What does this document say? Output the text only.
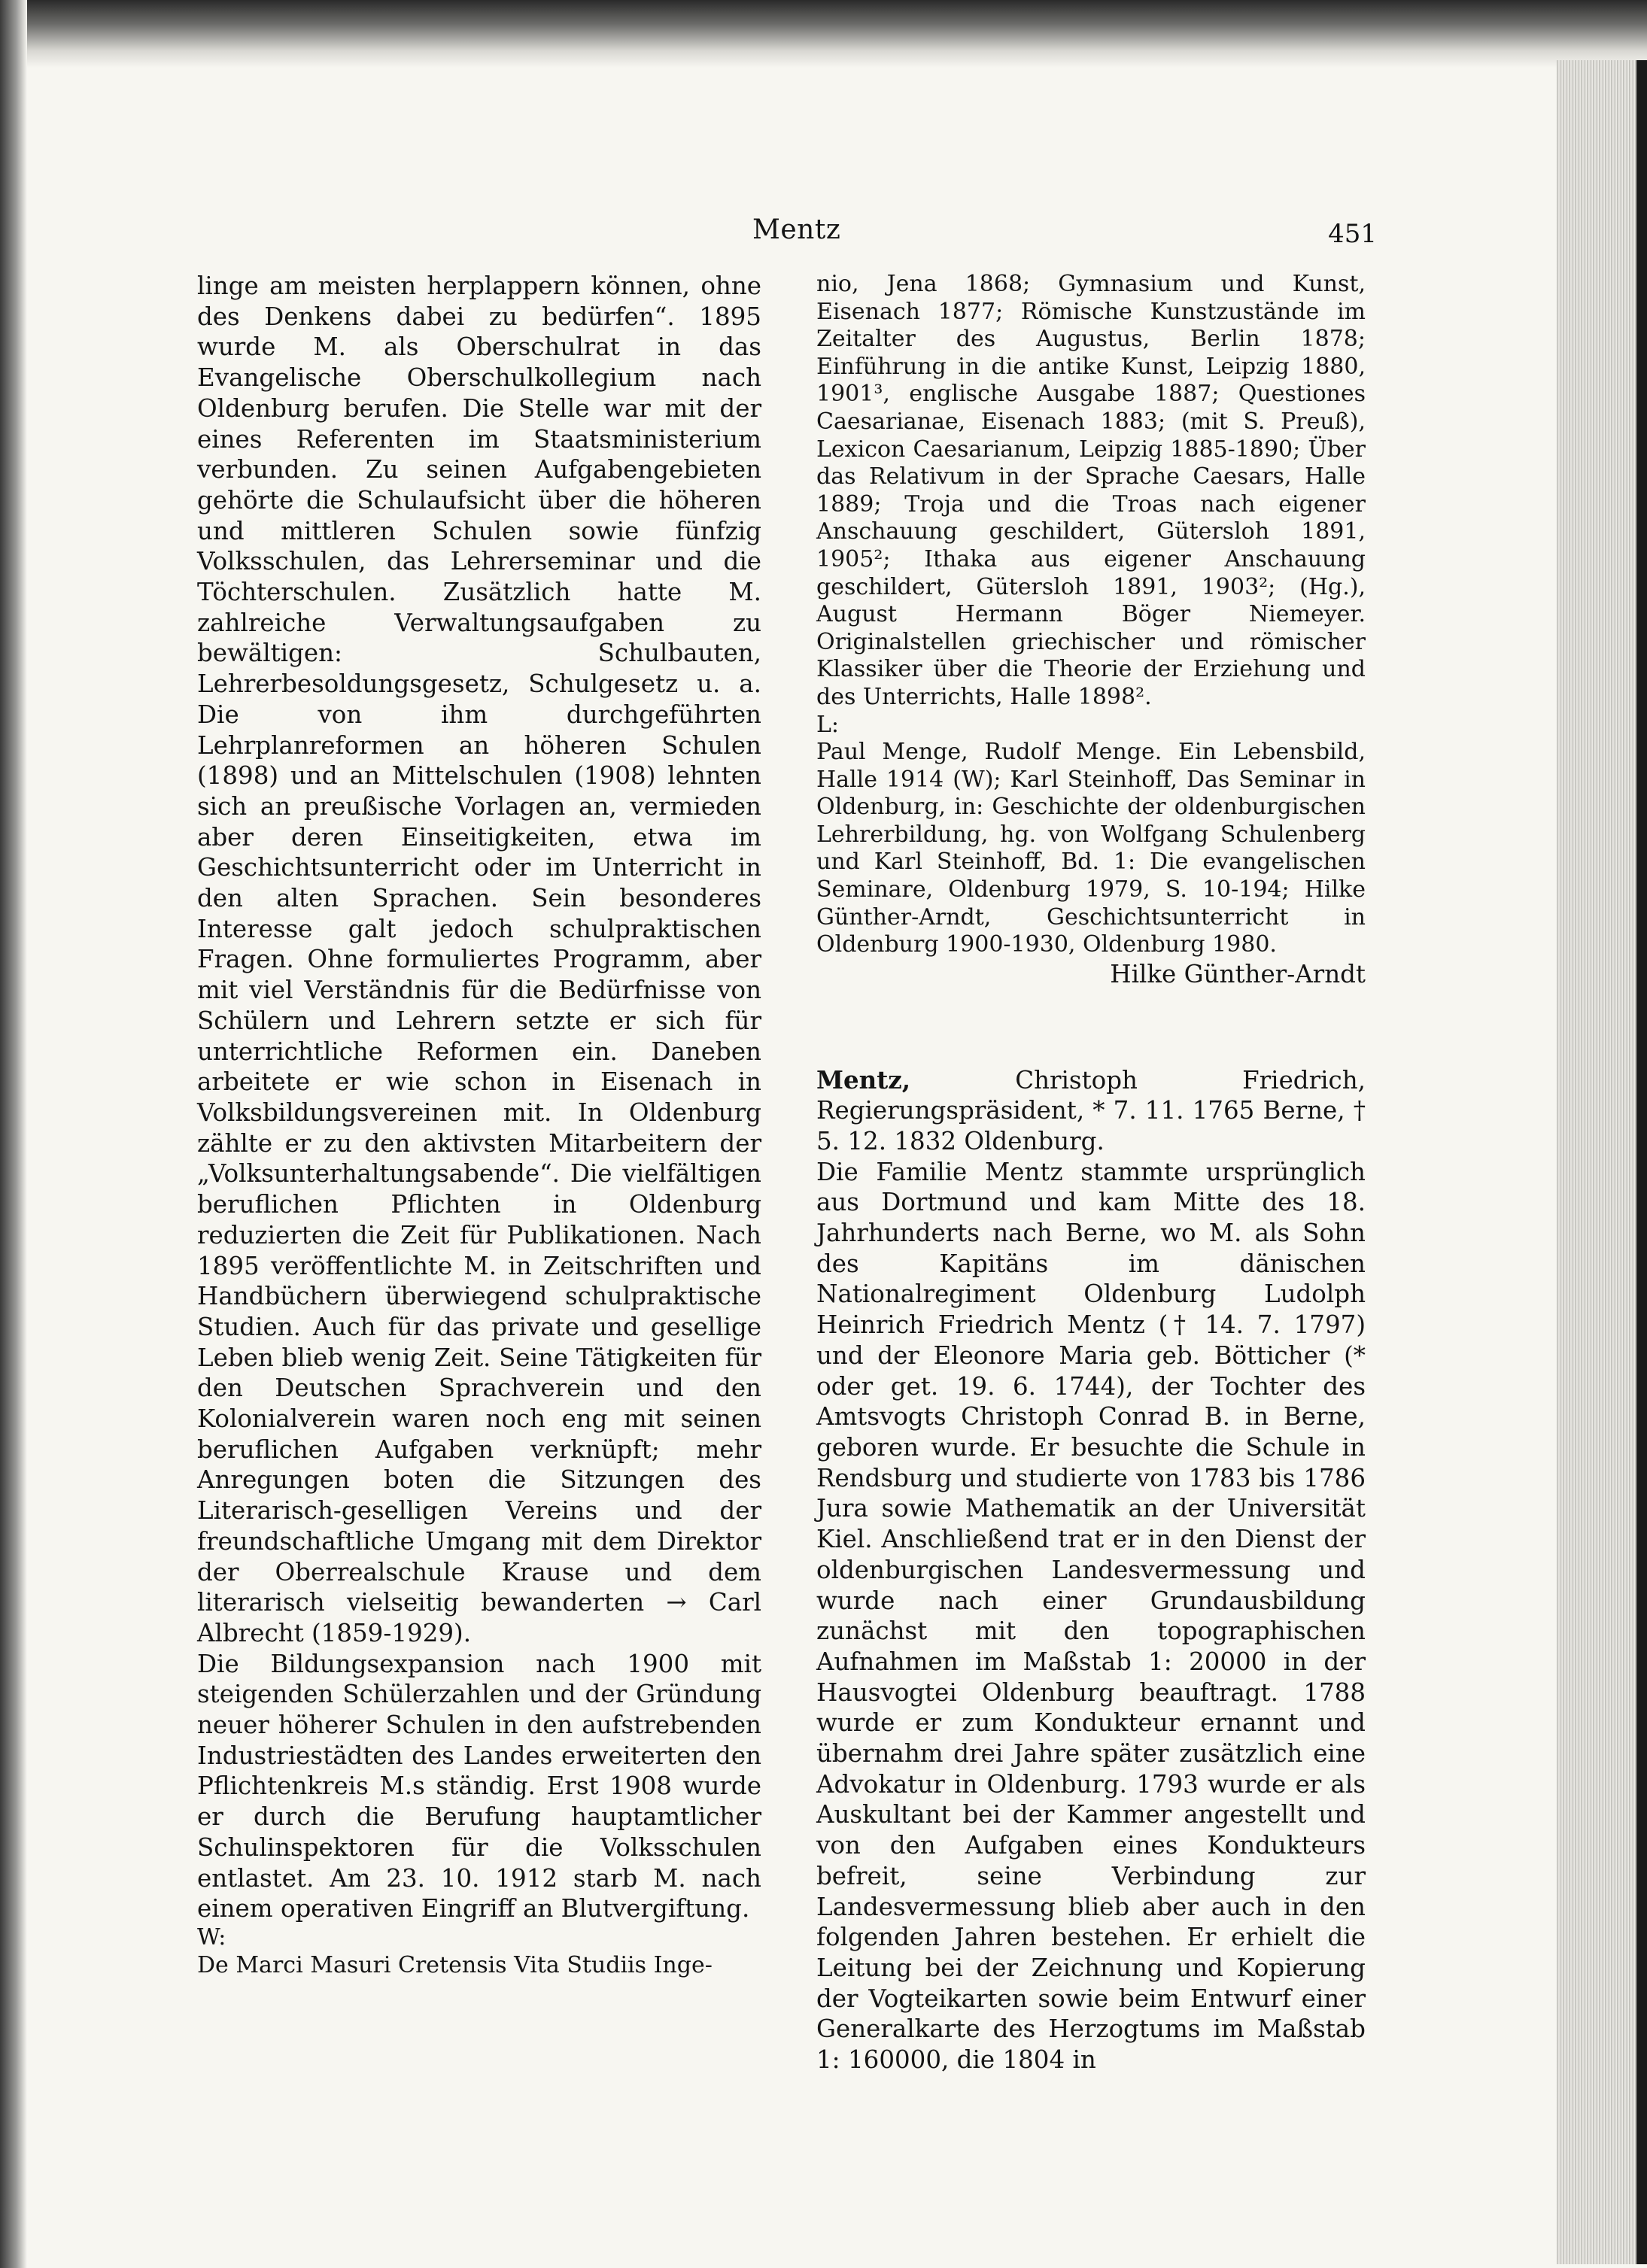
Mentz	451

linge am meisten herplappern können, ohne des Denkens dabei zu bedürfen“. 1895 wurde M. als Oberschulrat in das Evangelische Oberschulkollegium nach Oldenburg berufen. Die Stelle war mit der eines Referenten im Staatsministerium verbunden. Zu seinen Aufgabengebieten gehörte die Schulaufsicht über die höheren und mittleren Schulen sowie fünfzig Volksschulen, das Lehrerseminar und die Töchterschulen. Zusätzlich hatte M. zahlreiche Verwaltungsaufgaben zu bewältigen: Schulbauten, Lehrerbesoldungsgesetz, Schulgesetz u. a. Die von ihm durchgeführten Lehrplanreformen an höheren Schulen (1898) und an Mittelschulen (1908) lehnten sich an preußische Vorlagen an, vermieden aber deren Einseitigkeiten, etwa im Geschichtsunterricht oder im Unterricht in den alten Sprachen. Sein besonderes Interesse galt jedoch schulpraktischen Fragen. Ohne formuliertes Programm, aber mit viel Verständnis für die Bedürfnisse von Schülern und Lehrern setzte er sich für unterrichtliche Reformen ein. Daneben arbeitete er wie schon in Eisenach in Volksbildungsvereinen mit. In Oldenburg zählte er zu den aktivsten Mitarbeitern der „Volksunterhaltungsabende“. Die vielfältigen beruflichen Pflichten in Oldenburg reduzierten die Zeit für Publikationen. Nach 1895 veröffentlichte M. in Zeitschriften und Handbüchern überwiegend schulpraktische Studien. Auch für das private und gesellige Leben blieb wenig Zeit. Seine Tätigkeiten für den Deutschen Sprachverein und den Kolonialverein waren noch eng mit seinen beruflichen Aufgaben verknüpft; mehr Anregungen boten die Sitzungen des Literarisch-geselligen Vereins und der freundschaftliche Umgang mit dem Direktor der Oberrealschule Krause und dem literarisch vielseitig bewanderten → Carl Albrecht (1859-1929).

Die Bildungsexpansion nach 1900 mit steigenden Schülerzahlen und der Gründung neuer höherer Schulen in den aufstrebenden Industriestädten des Landes erweiterten den Pflichtenkreis M.s ständig. Erst 1908 wurde er durch die Berufung hauptamtlicher Schulinspektoren für die Volksschulen entlastet. Am 23. 10. 1912 starb M. nach einem operativen Eingriff an Blutvergiftung.

W:

De Marci Masuri Cretensis Vita Studiis Inge-

nio, Jena 1868; Gymnasium und Kunst, Eisenach 1877; Römische Kunstzustände im Zeitalter des Augustus, Berlin 1878; Einführung in die antike Kunst, Leipzig 1880, 1901³, englische Ausgabe 1887; Questiones Caesarianae, Eisenach 1883; (mit S. Preuß), Lexicon Caesarianum, Leipzig 1885-1890; Über das Relativum in der Sprache Caesars, Halle 1889; Troja und die Troas nach eigener Anschauung geschildert, Gütersloh 1891, 1905²; Ithaka aus eigener Anschauung geschildert, Gütersloh 1891, 1903²; (Hg.), August Hermann Böger Niemeyer. Originalstellen griechischer und römischer Klassiker über die Theorie der Erziehung und des Unterrichts, Halle 1898².

L:

Paul Menge, Rudolf Menge. Ein Lebensbild, Halle 1914 (W); Karl Steinhoff, Das Seminar in Oldenburg, in: Geschichte der oldenburgischen Lehrerbildung, hg. von Wolfgang Schulenberg und Karl Steinhoff, Bd. 1: Die evangelischen Seminare, Oldenburg 1979, S. 10-194; Hilke Günther-Arndt, Geschichtsunterricht in Oldenburg 1900-1930, Oldenburg 1980.

Hilke Günther-Arndt

Mentz, Christoph Friedrich, Regierungspräsident, * 7. 11. 1765 Berne, † 5. 12. 1832 Oldenburg.

Die Familie Mentz stammte ursprünglich aus Dortmund und kam Mitte des 18. Jahrhunderts nach Berne, wo M. als Sohn des Kapitäns im dänischen Nationalregiment Oldenburg Ludolph Heinrich Friedrich Mentz († 14. 7. 1797) und der Eleonore Maria geb. Bötticher (* oder get. 19. 6. 1744), der Tochter des Amtsvogts Christoph Conrad B. in Berne, geboren wurde. Er besuchte die Schule in Rendsburg und studierte von 1783 bis 1786 Jura sowie Mathematik an der Universität Kiel. Anschließend trat er in den Dienst der oldenburgischen Landesvermessung und wurde nach einer Grundausbildung zunächst mit den topographischen Aufnahmen im Maßstab 1: 20000 in der Hausvogtei Oldenburg beauftragt. 1788 wurde er zum Kondukteur ernannt und übernahm drei Jahre später zusätzlich eine Advokatur in Oldenburg. 1793 wurde er als Auskultant bei der Kammer angestellt und von den Aufgaben eines Kondukteurs befreit, seine Verbindung zur Landesvermessung blieb aber auch in den folgenden Jahren bestehen. Er erhielt die Leitung bei der Zeichnung und Kopierung der Vogteikarten sowie beim Entwurf einer Generalkarte des Herzogtums im Maßstab 1: 160000, die 1804 in
